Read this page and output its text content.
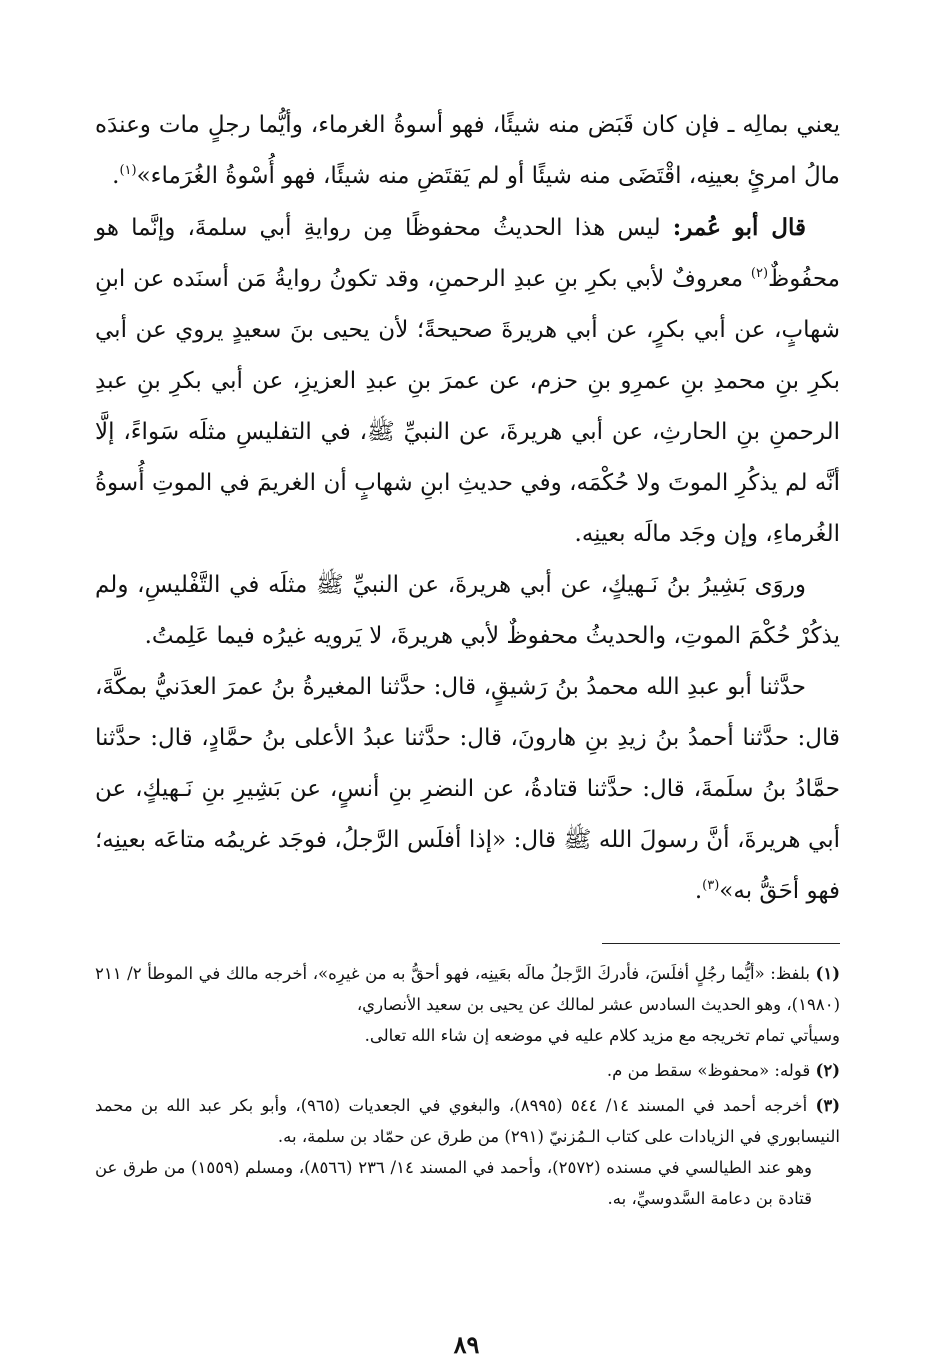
يعني بمالِه ـ فإن كان قَبَض منه شيئًا، فهو أسوةُ الغرماء، وأيُّما رجلٍ مات وعندَه مالُ امرئٍ بعينِه، اقْتَضَى منه شيئًا أو لم يَقتَضِ منه شيئًا، فهو أُسْوةُ الغُرَماء»$^{(١)}$.

قال أبو عُمر: ليس هذا الحديثُ محفوظًا مِن روايةِ أبي سلمةَ، وإنَّما هو محفُوظٌ$^{(٢)}$ معروفٌ لأبي بكرِ بنِ عبدِ الرحمنِ، وقد تكونُ روايةُ مَن أسنَده عن ابنِ شهابٍ، عن أبي بكرٍ، عن أبي هريرةَ صحيحةً؛ لأن يحيى بنَ سعيدٍ يروي عن أبي بكرِ بنِ محمدِ بنِ عمرِو بنِ حزم، عن عمرَ بنِ عبدِ العزيزِ، عن أبي بكرِ بنِ عبدِ الرحمنِ بنِ الحارثِ، عن أبي هريرةَ، عن النبيِّ ﷺ، في التفليسِ مثلَه سَواءً، إلَّا أنَّه لم يذكُرِ الموتَ ولا حُكْمَه، وفي حديثِ ابنِ شهابٍ أن الغريمَ في الموتِ أُسوةُ الغُرماءِ، وإن وجَد مالَه بعينِه.

وروَى بَشِيرُ بنُ نَـهيكٍ، عن أبي هريرةَ، عن النبيِّ ﷺ مثلَه في التَّفْليسِ، ولم يذكُرْ حُكْمَ الموتِ، والحديثُ محفوظٌ لأبي هريرةَ، لا يَرويه غيرُه فيما عَلِمتُ.

حدَّثنا أبو عبدِ الله محمدُ بنُ رَشيقٍ، قال: حدَّثنا المغيرةُ بنُ عمرَ العدَنيُّ بمكَّةَ، قال: حدَّثنا أحمدُ بنُ زيدِ بنِ هارونَ، قال: حدَّثنا عبدُ الأعلى بنُ حمَّادٍ، قال: حدَّثنا حمَّادُ بنُ سلَمةَ، قال: حدَّثنا قتادةُ، عن النضرِ بنِ أنسٍ، عن بَشِيرِ بنِ نَـهيكٍ، عن أبي هريرةَ، أنَّ رسولَ الله ﷺ قال: «إذا أفلَس الرَّجلُ، فوجَد غريمُه متاعَه بعينِه؛ فهو أحَقُّ به»$^{(٣)}$.

(١) بلفظ: «أيُّما رجُلٍ أفلَسَ، فأدركَ الرَّجلُ مالَه بعَينِه، فهو أحقُّ به من غيرِه»، أخرجه مالك في الموطأ ٢/ ٢١١ (١٩٨٠)، وهو الحديث السادس عشر لمالك عن يحيى بن سعيد الأنصاري،

وسيأتي تمام تخريجه مع مزيد كلام عليه في موضعه إن شاء الله تعالى.

(٢) قوله: «محفوظ» سقط من م.

(٣) أخرجه أحمد في المسند ١٤/ ٥٤٤ (٨٩٩٥)، والبغوي في الجعديات (٩٦٥)، وأبو بكر عبد الله بن محمد النيسابوري في الزيادات على كتاب الـمُزنيّ (٢٩١) من طرق عن حمّاد بن سلمة، به.

وهو عند الطيالسي في مسنده (٢٥٧٢)، وأحمد في المسند ١٤/ ٢٣٦ (٨٥٦٦)، ومسلم (١٥٥٩) من طرق عن قتادة بن دعامة السَّدوسيِّ، به.

٨٩
